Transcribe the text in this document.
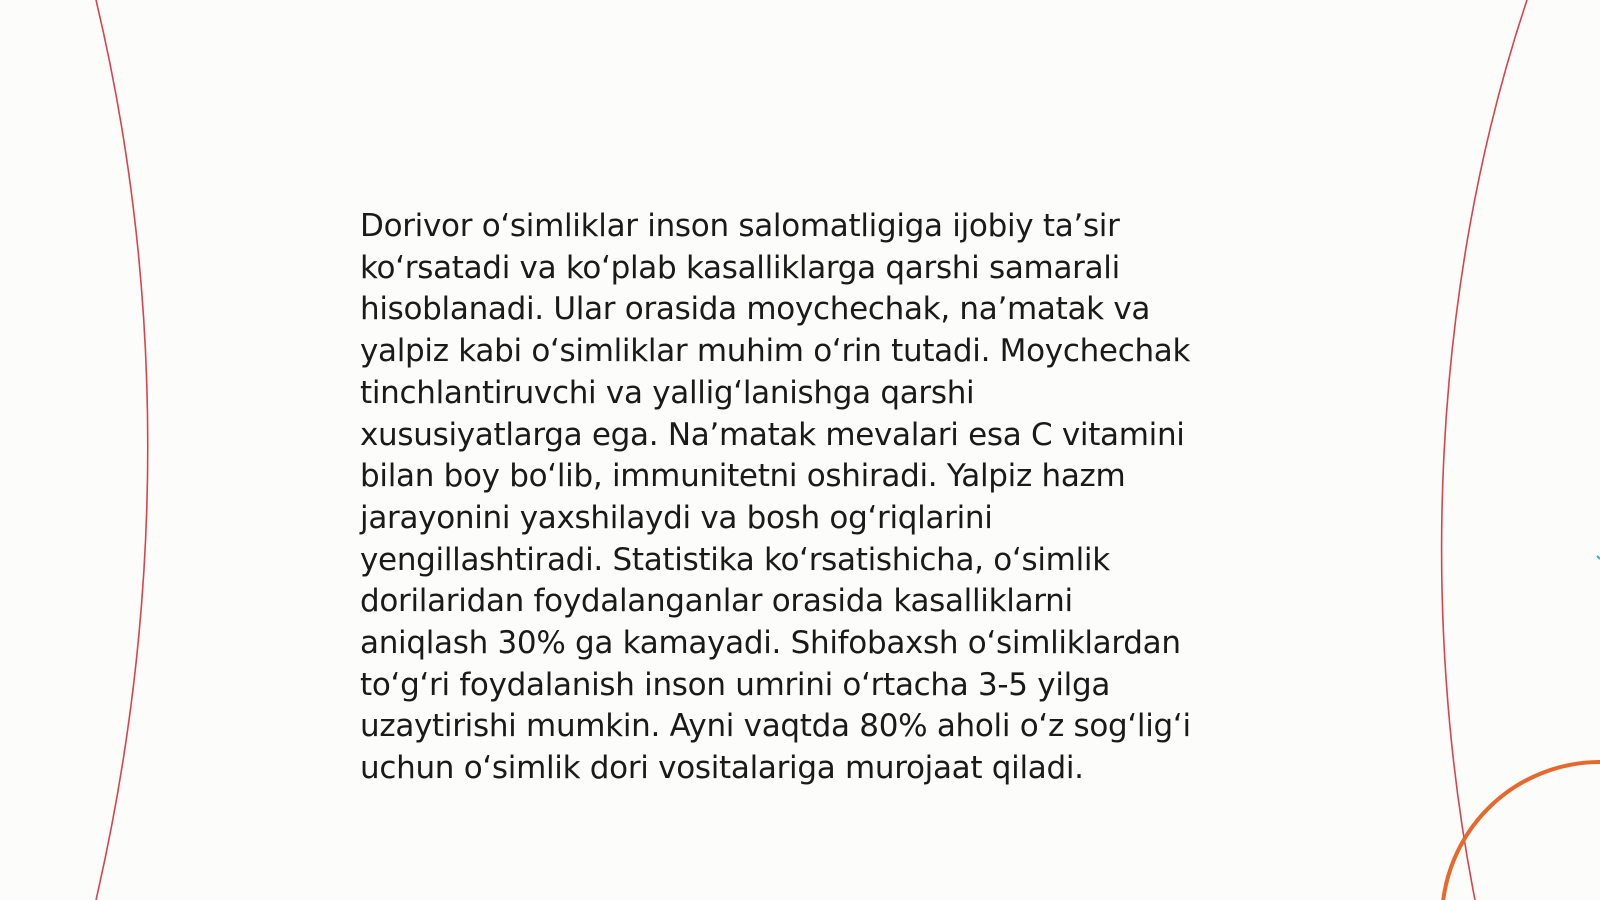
Dorivor o‘simliklar inson salomatligiga ijobiy ta’sir
ko‘rsatadi va ko‘plab kasalliklarga qarshi samarali
hisoblanadi. Ular orasida moychechak, na’matak va
yalpiz kabi o‘simliklar muhim o‘rin tutadi. Moychechak
tinchlantiruvchi va yallig‘lanishga qarshi
xususiyatlarga ega. Na’matak mevalari esa C vitamini
bilan boy bo‘lib, immunitetni oshiradi. Yalpiz hazm
jarayonini yaxshilaydi va bosh og‘riqlarini
yengillashtiradi. Statistika ko‘rsatishicha, o‘simlik
dorilaridan foydalanganlar orasida kasalliklarni
aniqlash 30% ga kamayadi. Shifobaxsh o‘simliklardan
to‘g‘ri foydalanish inson umrini o‘rtacha 3-5 yilga
uzaytirishi mumkin. Ayni vaqtda 80% aholi o‘z sog‘lig‘i
uchun o‘simlik dori vositalariga murojaat qiladi.
